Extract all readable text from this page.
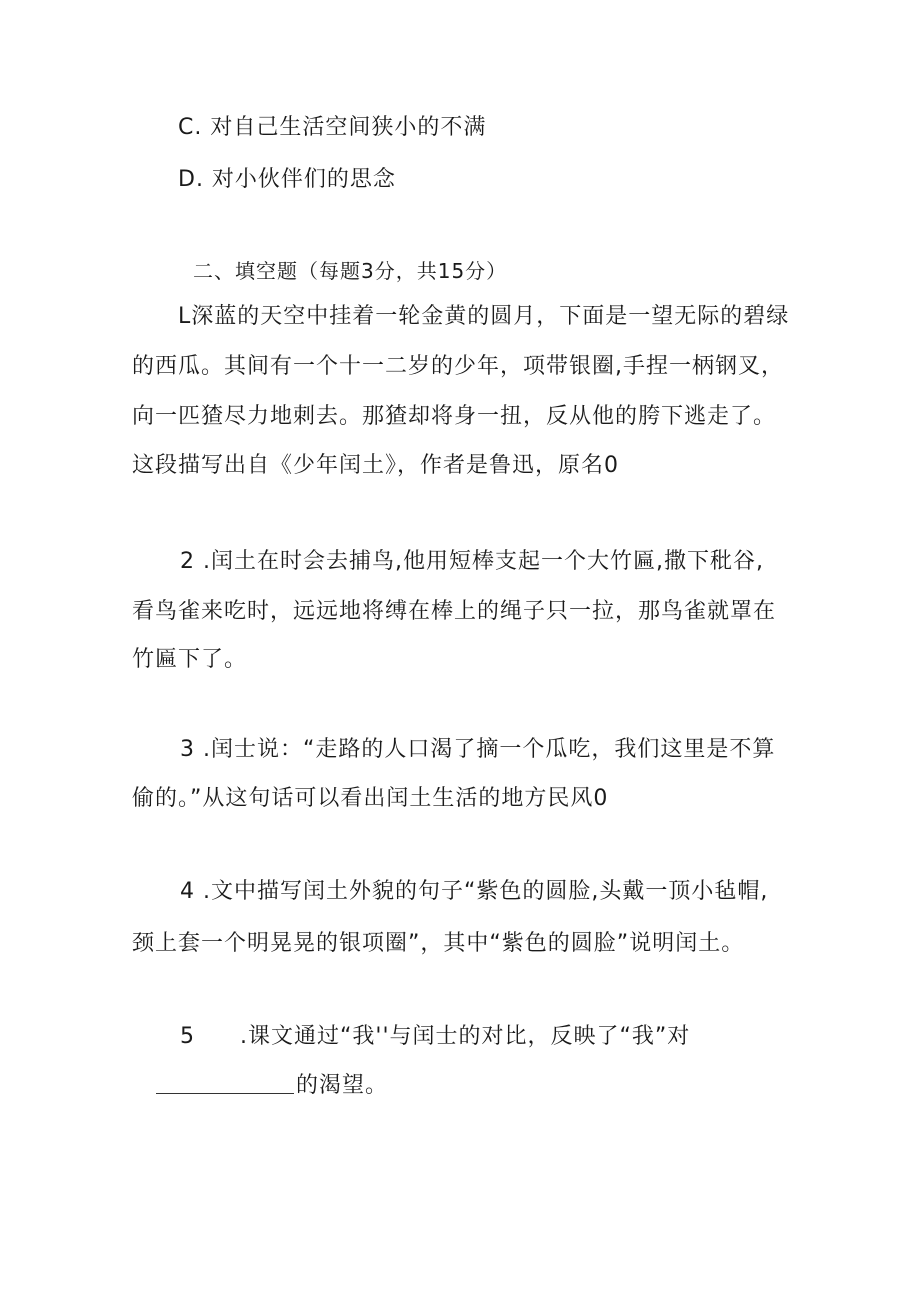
C. 对自己生活空间狭小的不满
D. 对小伙伴们的思念
二、填空题（每题3分，共15分）
L深蓝的天空中挂着一轮金黄的圆月，下面是一望无际的碧绿
的西瓜。其间有一个十一二岁的少年，项带银圈,手捏一柄钢叉，
向一匹猹尽力地刺去。那猹却将身一扭，反从他的胯下逃走了。
这段描写出自《少年闰土》，作者是鲁迅，原名0
2 .闰土在时会去捕鸟,他用短棒支起一个大竹匾,撒下秕谷,
看鸟雀来吃时，远远地将缚在棒上的绳子只一拉，那鸟雀就罩在
竹匾下了。
3 .闰士说：“走路的人口渴了摘一个瓜吃，我们这里是不算
偷的。”从这句话可以看出闰土生活的地方民风0
4 .文中描写闰土外貌的句子“紫色的圆脸,头戴一顶小毡帽,
颈上套一个明晃晃的银项圈”，其中“紫色的圆脸”说明闰土。
5 .课文通过“我''与闰士的对比，反映了“我”对
的渴望。
